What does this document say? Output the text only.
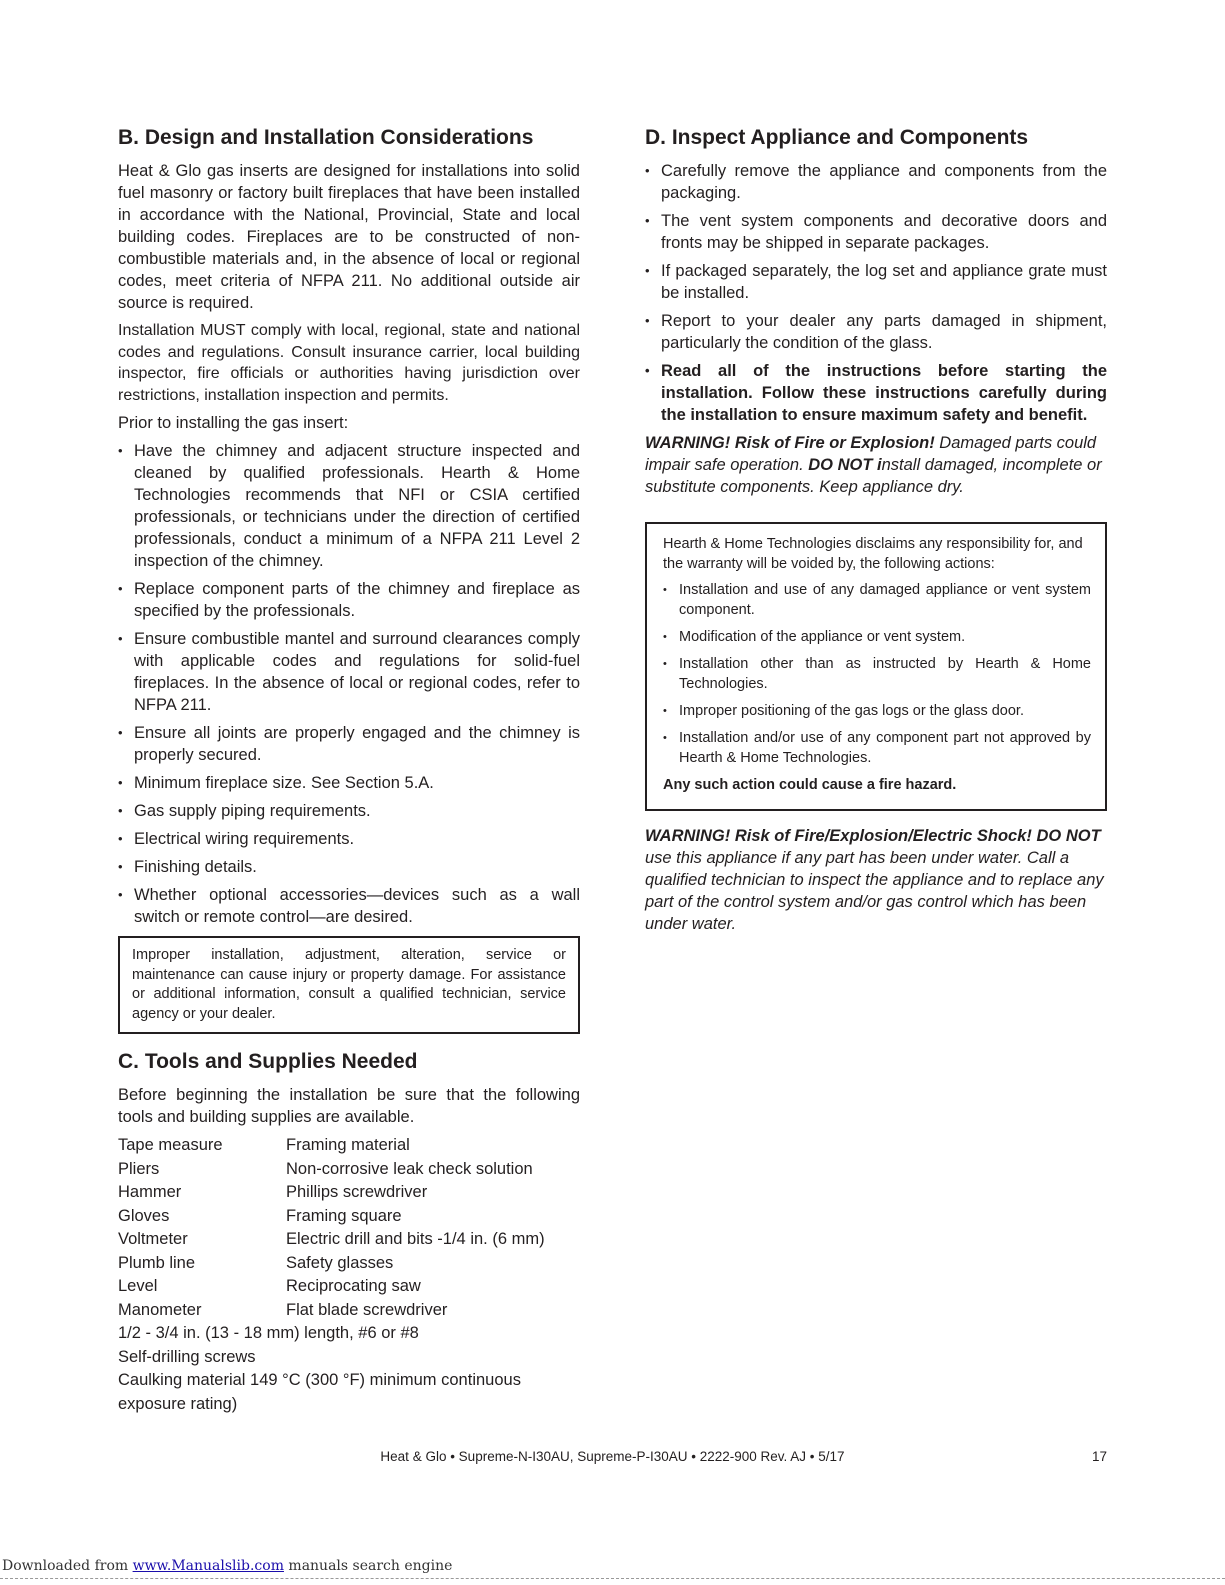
B. Design and Installation Considerations

Heat & Glo gas inserts are designed for installations into solid fuel masonry or factory built fireplaces that have been installed in accordance with the National, Provincial, State and local building codes. Fireplaces are to be constructed of non-combustible materials and, in the absence of local or regional codes, meet criteria of NFPA 211. No additional outside air source is required.

Installation MUST comply with local, regional, state and national codes and regulations. Consult insurance carrier, local building inspector, fire officials or authorities having jurisdiction over restrictions, installation inspection and permits.

Prior to installing the gas insert:

• Have the chimney and adjacent structure inspected and cleaned by qualified professionals. Hearth & Home Technologies recommends that NFI or CSIA certified professionals, or technicians under the direction of certified professionals, conduct a minimum of a NFPA 211 Level 2 inspection of the chimney.
• Replace component parts of the chimney and fireplace as specified by the professionals.
• Ensure combustible mantel and surround clearances comply with applicable codes and regulations for solid-fuel fireplaces. In the absence of local or regional codes, refer to NFPA 211.
• Ensure all joints are properly engaged and the chimney is properly secured.
• Minimum fireplace size. See Section 5.A.
• Gas supply piping requirements.
• Electrical wiring requirements.
• Finishing details.
• Whether optional accessories—devices such as a wall switch or remote control—are desired.

Improper installation, adjustment, alteration, service or maintenance can cause injury or property damage. For assistance or additional information, consult a qualified technician, service agency or your dealer.

C. Tools and Supplies Needed

Before beginning the installation be sure that the following tools and building supplies are available.

Tape measure	Framing material
Pliers	Non-corrosive leak check solution
Hammer	Phillips screwdriver
Gloves	Framing square
Voltmeter	Electric drill and bits -1/4 in. (6 mm)
Plumb line	Safety glasses
Level	Reciprocating saw
Manometer	Flat blade screwdriver

1/2 - 3/4 in. (13 - 18 mm) length, #6 or #8

Self-drilling screws

Caulking material 149 °C (300 °F) minimum continuous exposure rating)

D. Inspect Appliance and Components
• Carefully remove the appliance and components from the packaging.
• The vent system components and decorative doors and fronts may be shipped in separate packages.
• If packaged separately, the log set and appliance grate must be installed.
• Report to your dealer any parts damaged in shipment, particularly the condition of the glass.
• Read all of the instructions before starting the installation. Follow these instructions carefully during the installation to ensure maximum safety and benefit.

WARNING! Risk of Fire or Explosion! Damaged parts could impair safe operation. DO NOT install damaged, incomplete or substitute components. Keep appliance dry.

Hearth & Home Technologies disclaims any responsibility for, and the warranty will be voided by, the following actions:

• Installation and use of any damaged appliance or vent system component.
• Modification of the appliance or vent system.
• Installation other than as instructed by Hearth & Home Technologies.
• Improper positioning of the gas logs or the glass door.
• Installation and/or use of any component part not approved by Hearth & Home Technologies.

Any such action could cause a fire hazard.

WARNING! Risk of Fire/Explosion/Electric Shock! DO NOT use this appliance if any part has been under water. Call a qualified technician to inspect the appliance and to replace any part of the control system and/or gas control which has been under water.

Heat & Glo • Supreme-N-I30AU, Supreme-P-I30AU • 2222-900 Rev. AJ • 5/17	17
Downloaded from www.Manualslib.com manuals search engine
